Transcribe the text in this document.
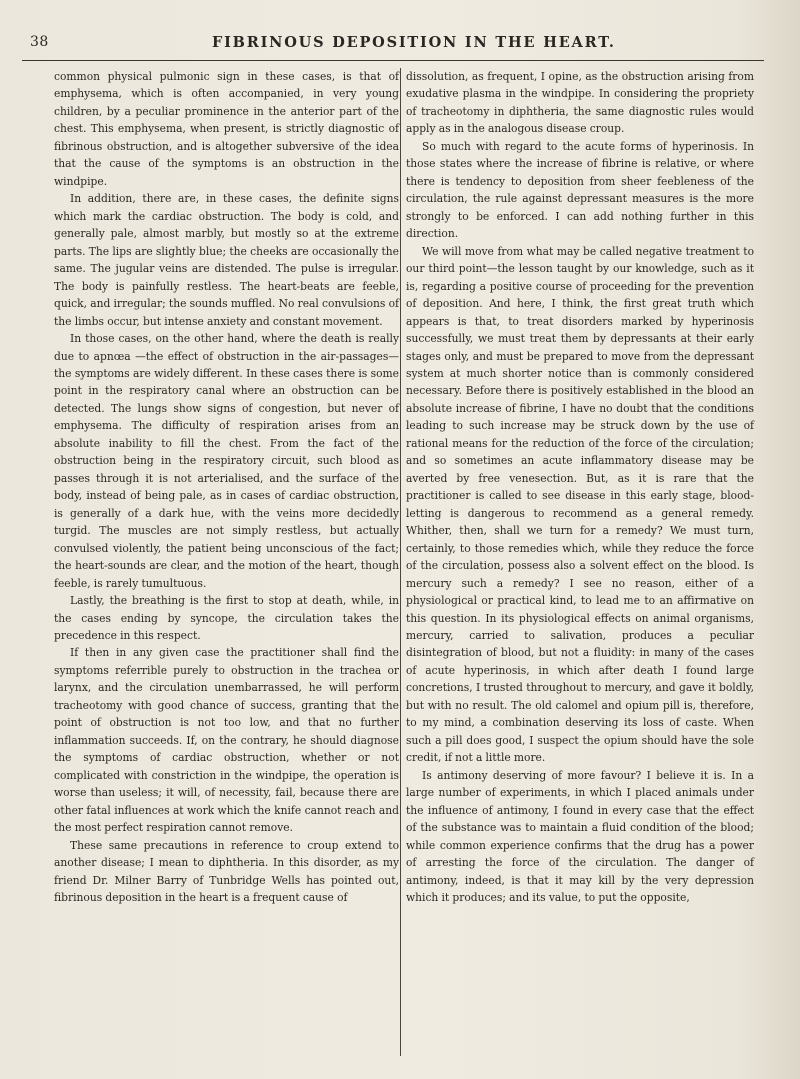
38	FIBRINOUS DEPOSITION IN THE HEART.

common physical pulmonic sign in these cases, is that of emphysema, which is often accompanied, in very young children, by a peculiar prominence in the anterior part of the chest. This emphysema, when present, is strictly diagnostic of fibrinous obstruction, and is altogether subversive of the idea that the cause of the symptoms is an obstruction in the windpipe.

In addition, there are, in these cases, the definite signs which mark the cardiac obstruction. The body is cold, and generally pale, almost marbly, but mostly so at the extreme parts. The lips are slightly blue; the cheeks are occasionally the same. The jugular veins are distended. The pulse is irregular. The body is painfully restless. The heart-beats are feeble, quick, and irregular; the sounds muffled. No real convulsions of the limbs occur, but intense anxiety and constant movement.

In those cases, on the other hand, where the death is really due to apnœa —the effect of obstruction in the air-passages— the symptoms are widely different. In these cases there is some point in the respiratory canal where an obstruction can be detected. The lungs show signs of congestion, but never of emphysema. The difficulty of respiration arises from an absolute inability to fill the chest. From the fact of the obstruction being in the respiratory circuit, such blood as passes through it is not arterialised, and the surface of the body, instead of being pale, as in cases of cardiac obstruction, is generally of a dark hue, with the veins more decidedly turgid. The muscles are not simply restless, but actually convulsed violently, the patient being unconscious of the fact; the heart-sounds are clear, and the motion of the heart, though feeble, is rarely tumultuous.

Lastly, the breathing is the first to stop at death, while, in the cases ending by syncope, the circulation takes the precedence in this respect.

If then in any given case the practitioner shall find the symptoms referrible purely to obstruction in the trachea or larynx, and the circulation unembarrassed, he will perform tracheotomy with good chance of success, granting that the point of obstruction is not too low, and that no further inflammation succeeds. If, on the contrary, he should diagnose the symptoms of cardiac obstruction, whether or not complicated with constriction in the windpipe, the operation is worse than useless; it will, of necessity, fail, because there are other fatal influences at work which the knife cannot reach and the most perfect respiration cannot remove.

These same precautions in reference to croup extend to another disease; I mean to diphtheria. In this disorder, as my friend Dr. Milner Barry of Tunbridge Wells has pointed out, fibrinous deposition in the heart is a frequent cause of

dissolution, as frequent, I opine, as the obstruction arising from exudative plasma in the windpipe. In considering the propriety of tracheotomy in diphtheria, the same diagnostic rules would apply as in the analogous disease croup.

So much with regard to the acute forms of hyperinosis. In those states where the increase of fibrine is relative, or where there is tendency to deposition from sheer feebleness of the circulation, the rule against depressant measures is the more strongly to be enforced. I can add nothing further in this direction.

We will move from what may be called negative treatment to our third point—the lesson taught by our knowledge, such as it is, regarding a positive course of proceeding for the prevention of deposition. And here, I think, the first great truth which appears is that, to treat disorders marked by hyperinosis successfully, we must treat them by depressants at their early stages only, and must be prepared to move from the depressant system at much shorter notice than is commonly considered necessary. Before there is positively established in the blood an absolute increase of fibrine, I have no doubt that the conditions leading to such increase may be struck down by the use of rational means for the reduction of the force of the circulation; and so sometimes an acute inflammatory disease may be averted by free venesection. But, as it is rare that the practitioner is called to see disease in this early stage, blood-letting is dangerous to recommend as a general remedy. Whither, then, shall we turn for a remedy? We must turn, certainly, to those remedies which, while they reduce the force of the circulation, possess also a solvent effect on the blood. Is mercury such a remedy? I see no reason, either of a physiological or practical kind, to lead me to an affirmative on this question. In its physiological effects on animal organisms, mercury, carried to salivation, produces a peculiar disintegration of blood, but not a fluidity: in many of the cases of acute hyperinosis, in which after death I found large concretions, I trusted throughout to mercury, and gave it boldly, but with no result. The old calomel and opium pill is, therefore, to my mind, a combination deserving its loss of caste. When such a pill does good, I suspect the opium should have the sole credit, if not a little more.

Is antimony deserving of more favour? I believe it is. In a large number of experiments, in which I placed animals under the influence of antimony, I found in every case that the effect of the substance was to maintain a fluid condition of the blood; while common experience confirms that the drug has a power of arresting the force of the circulation. The danger of antimony, indeed, is that it may kill by the very depression which it produces; and its value, to put the opposite,
